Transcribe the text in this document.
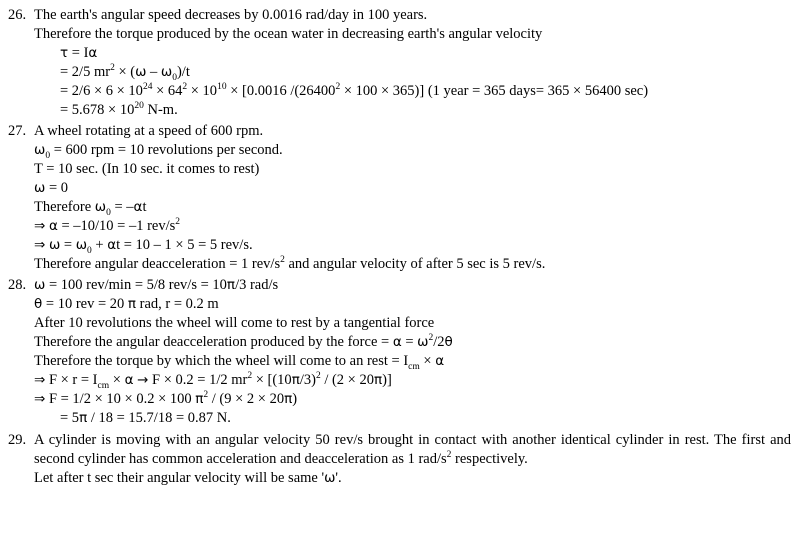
26. The earth's angular speed decreases by 0.0016 rad/day in 100 years.
Therefore the torque produced by the ocean water in decreasing earth's angular velocity
τ = Iα
= 2/5 $mr^2 \times (\omega - \omega_0)/t$
= $2/6 \times 6 \times 10^{24} \times 64^2 \times 10^{10} \times [0.0016$ $/(26400^2 \times 100 \times 365)$] (1 year = 365 days= 365 × 56400 sec)
= $5.678 \times 10^{20}$ N-m.
27. A wheel rotating at a speed of 600 rpm.
$\omega_0 = 600$ rpm = 10 revolutions per second.
T = 10 sec. (In 10 sec. it comes to rest)
ω = 0
Therefore $\omega_0 = -\alpha t$
⇒ α = –10/10 = –1 rev/$s^2$
⇒ $\omega = \omega_0 + \alpha t = 10 - 1 \times 5 = 5$ rev/s.
Therefore angular deacceleration = 1 rev/$s^2$ and angular velocity of after 5 sec is 5 rev/s.
28. ω = 100 rev/min = 5/8 rev/s = 10π/3 rad/s
θ = 10 rev = 20 π rad, r = 0.2 m
After 10 revolutions the wheel will come to rest by a tangential force
Therefore the angular deacceleration produced by the force = $\alpha = \omega^2/2\theta$
Therefore the torque by which the wheel will come to an rest = $I_{cm} \times \alpha$
⇒ $F \times r = I_{cm} \times \alpha \to F \times 0.2 = 1/2$ $mr^2 \times [(10\pi/3)^2 / (2 \times 20\pi)]$
⇒ F = 1/2 × 10 × 0.2 × 100 $\pi^2 / (9 \times 2 \times 20\pi)$
= 5π / 18 = 15.7/18 = 0.87 N.
29. A cylinder is moving with an angular velocity 50 rev/s brought in contact with another identical cylinder in rest. The first and second cylinder has common acceleration and deacceleration as 1 rad/$s^2$ respectively.
Let after t sec their angular velocity will be same 'ω'.
